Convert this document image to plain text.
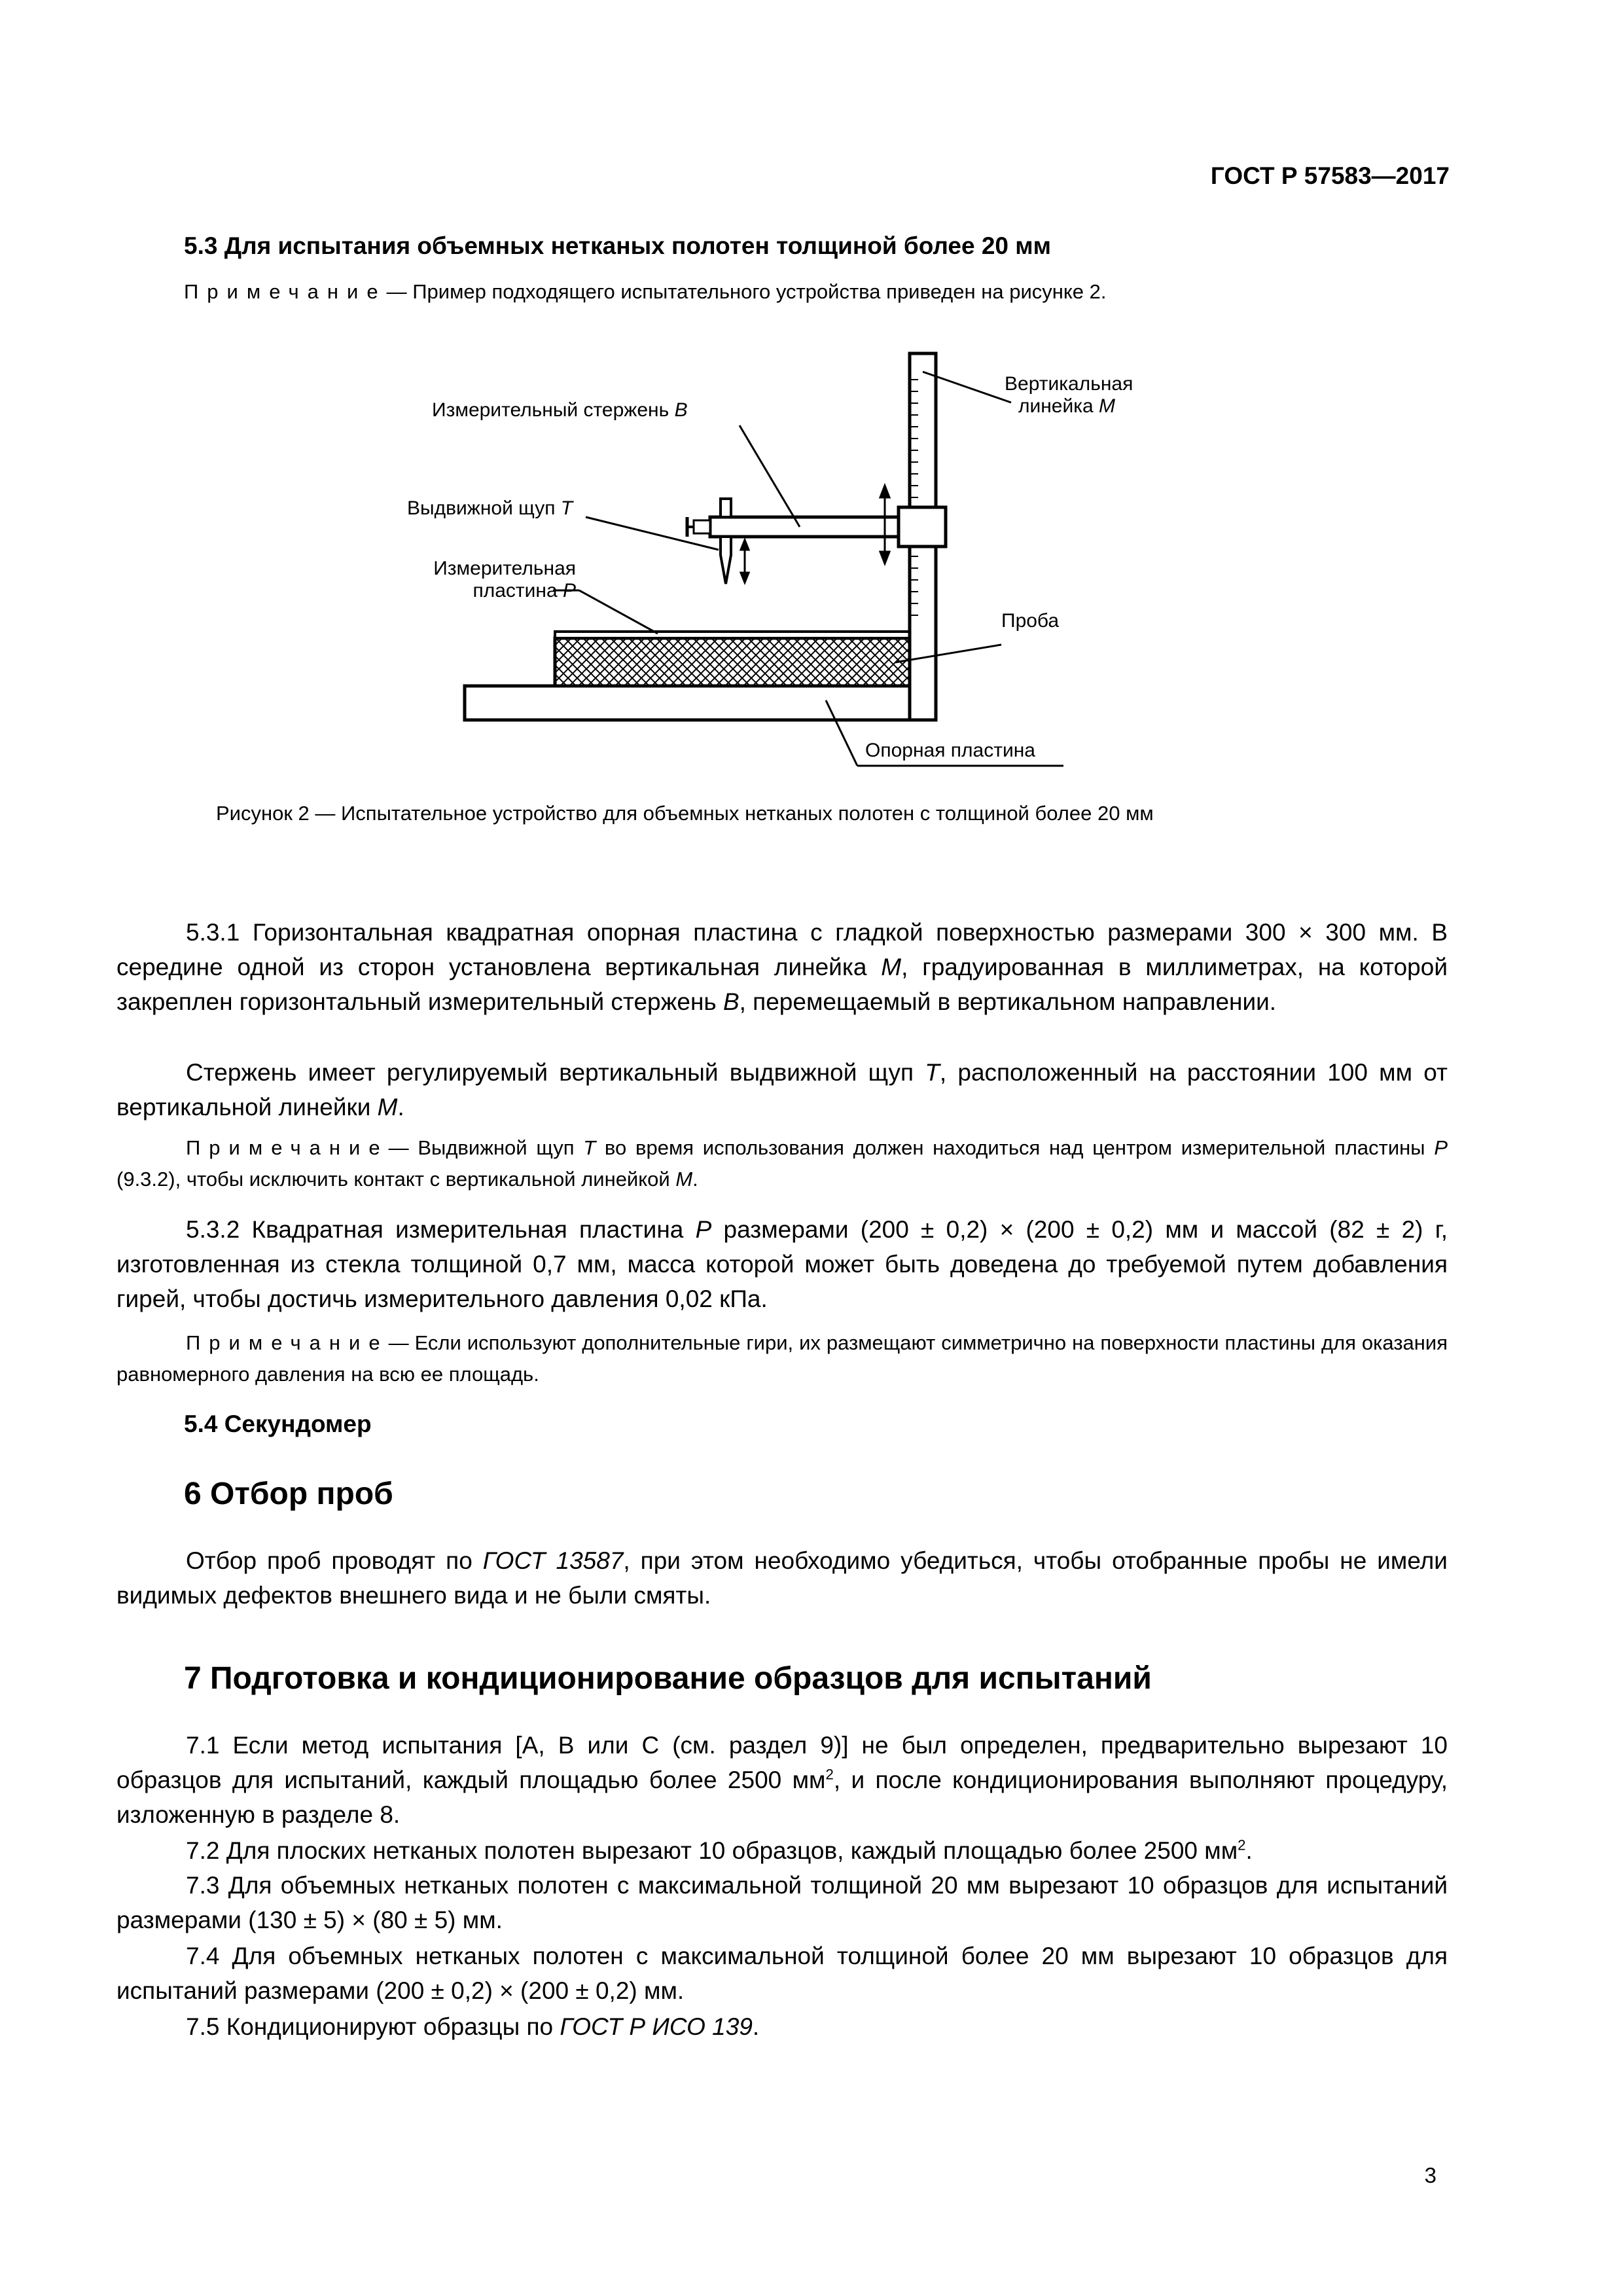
ГОСТ Р 57583—2017
5.3 Для испытания объемных нетканых полотен толщиной более 20 мм
Примечание— Пример подходящего испытательного устройства приведен на рисунке 2.
Измерительный стержень B
Вертикальная
линейка M
Выдвижной щуп T
Измерительная
пластина P
Проба
Опорная пластина
Рисунок 2 — Испытательное устройство для объемных нетканых полотен с толщиной более 20 мм
5.3.1 Горизонтальная квадратная опорная пластина с гладкой поверхностью размерами 300 × 300 мм. В середине одной из сторон установлена вертикальная линейка M, градуированная в миллиметрах, на которой закреплен горизонтальный измерительный стержень B, перемещаемый в вертикальном направлении.
Стержень имеет регулируемый вертикальный выдвижной щуп T, расположенный на расстоянии 100 мм от вертикальной линейки M.
Примечание— Выдвижной щуп T во время использования должен находиться над центром измерительной пластины P (9.3.2), чтобы исключить контакт с вертикальной линейкой M.
5.3.2 Квадратная измерительная пластина P размерами (200 ± 0,2) × (200 ± 0,2) мм и массой (82 ± 2) г, изготовленная из стекла толщиной 0,7 мм, масса которой может быть доведена до требуемой путем добавления гирей, чтобы достичь измерительного давления 0,02 кПа.
Примечание— Если используют дополнительные гири, их размещают симметрично на поверхности пластины для оказания равномерного давления на всю ее площадь.
5.4 Секундомер
6 Отбор проб
Отбор проб проводят по ГОСТ 13587, при этом необходимо убедиться, чтобы отобранные пробы не имели видимых дефектов внешнего вида и не были смяты.
7 Подготовка и кондиционирование образцов для испытаний
7.1 Если метод испытания [А, В или С (см. раздел 9)] не был определен, предварительно вырезают 10 образцов для испытаний, каждый площадью более 2500 $мм^2$, и после кондиционирования выполняют процедуру, изложенную в разделе 8.
7.2 Для плоских нетканых полотен вырезают 10 образцов, каждый площадью более 2500 $мм^2$.
7.3 Для объемных нетканых полотен с максимальной толщиной 20 мм вырезают 10 образцов для испытаний размерами (130 ± 5) × (80 ± 5) мм.
7.4 Для объемных нетканых полотен с максимальной толщиной более 20 мм вырезают 10 образцов для испытаний размерами (200 ± 0,2) × (200 ± 0,2) мм.
7.5 Кондиционируют образцы по ГОСТ Р ИСО 139.
3
